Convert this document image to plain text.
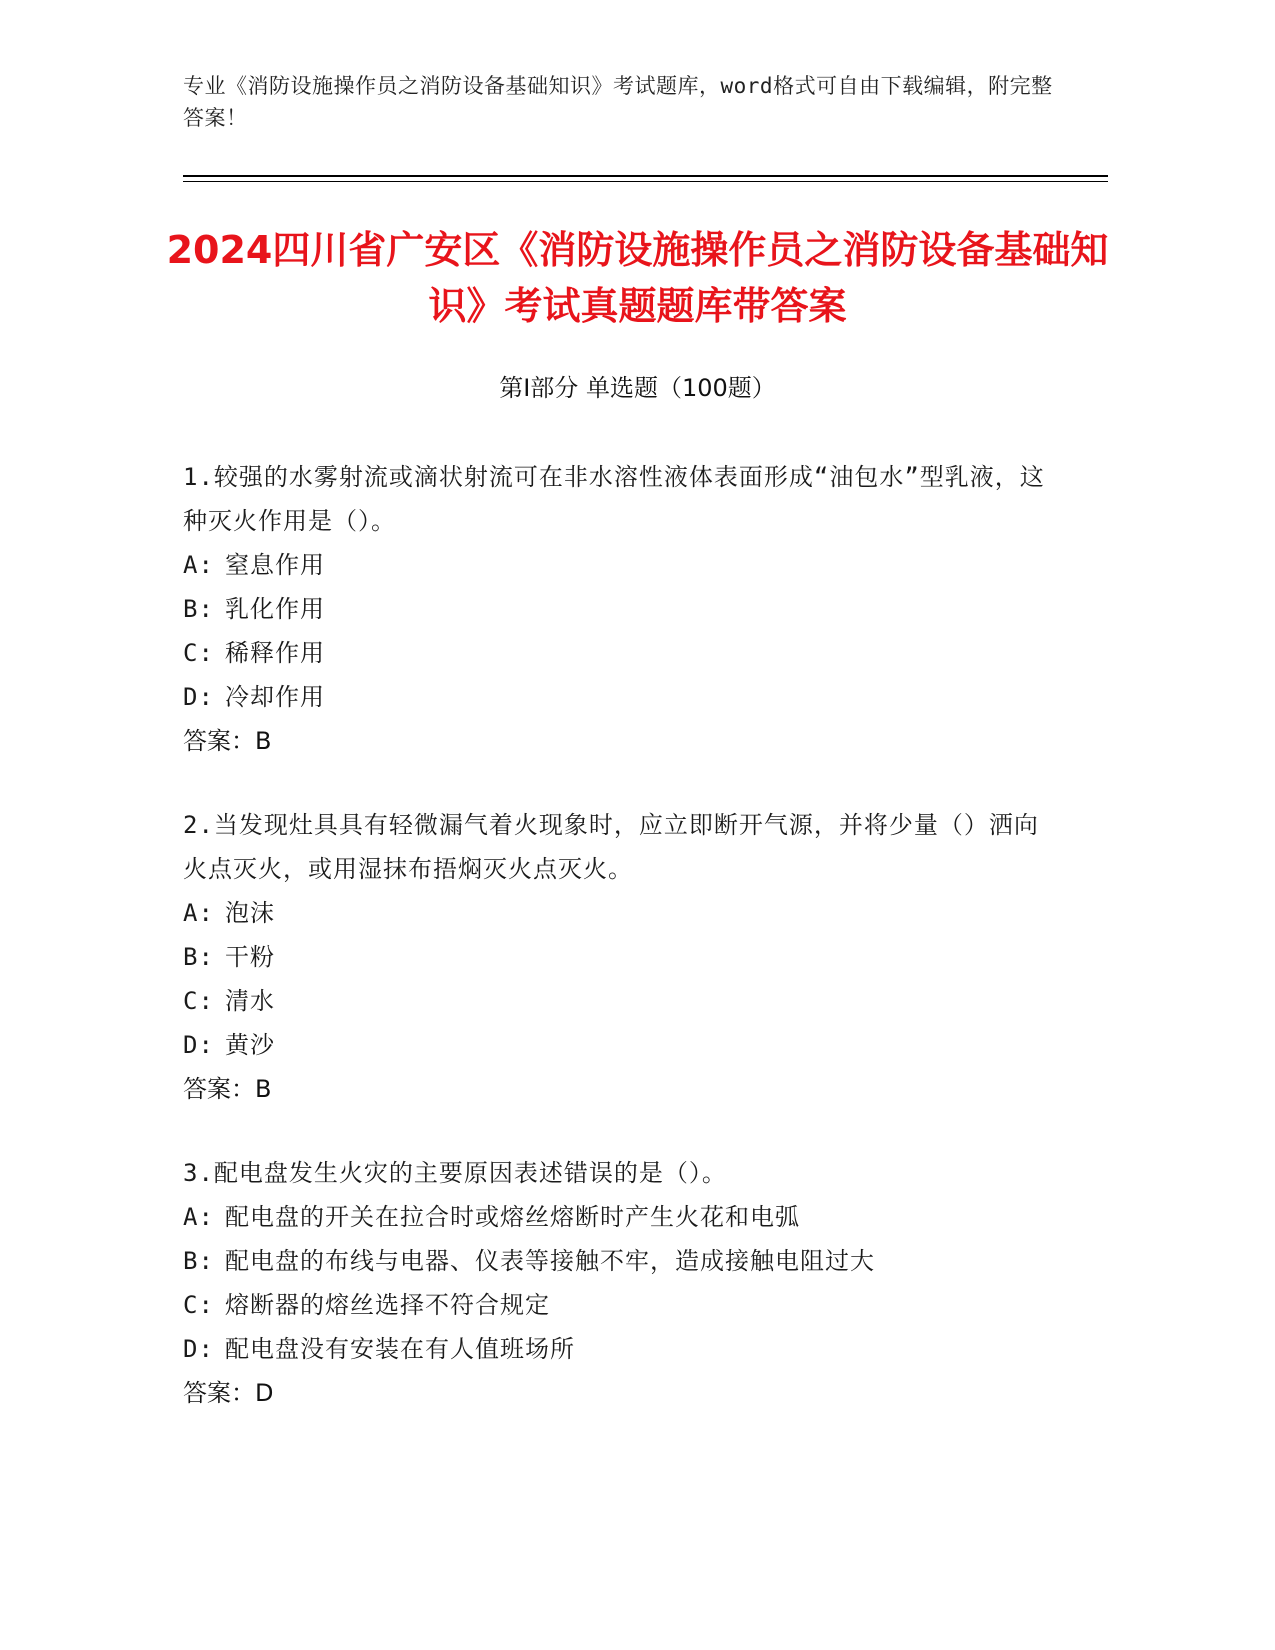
专业《消防设施操作员之消防设备基础知识》考试题库，word格式可自由下载编辑，附完整答案！
2024四川省广安区《消防设施操作员之消防设备基础知识》考试真题题库带答案
第Ⅰ部分 单选题（100题）
1.较强的水雾射流或滴状射流可在非水溶性液体表面形成“油包水”型乳液，这种灭火作用是（）。
A: 窒息作用
B: 乳化作用
C: 稀释作用
D: 冷却作用
答案：B
2.当发现灶具具有轻微漏气着火现象时，应立即断开气源，并将少量（）洒向火点灭火，或用湿抹布捂焖灭火点灭火。
A: 泡沫
B: 干粉
C: 清水
D: 黄沙
答案：B
3.配电盘发生火灾的主要原因表述错误的是（）。
A: 配电盘的开关在拉合时或熔丝熔断时产生火花和电弧
B: 配电盘的布线与电器、仪表等接触不牢，造成接触电阻过大
C: 熔断器的熔丝选择不符合规定
D: 配电盘没有安装在有人值班场所
答案：D
